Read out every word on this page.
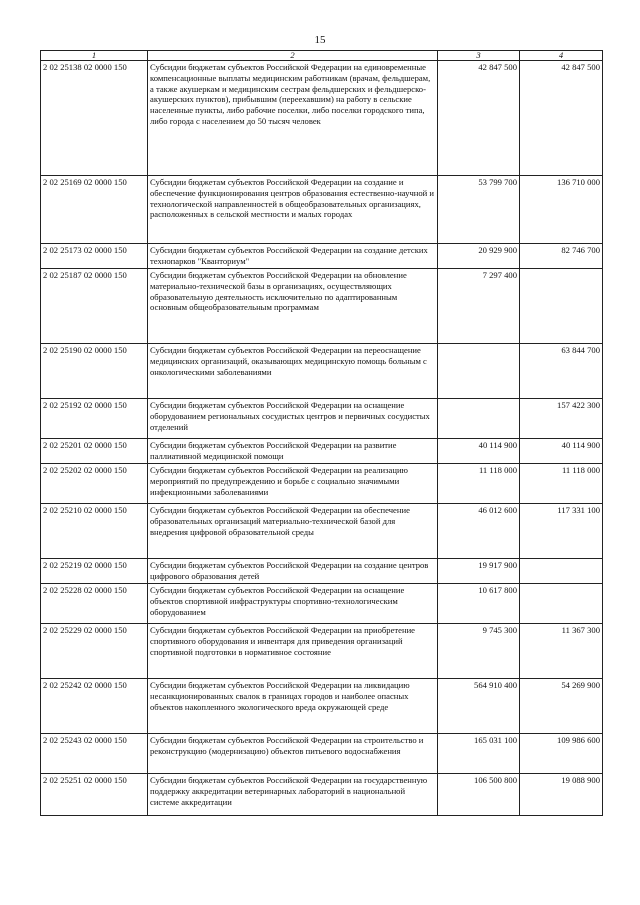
15
1	2	3	4
2 02 25138 02 0000 150	Субсидии бюджетам субъектов Российской Федерации на единовременные компенсационные выплаты медицинским работникам (врачам, фельдшерам, а также акушеркам и медицинским сестрам фельдшерских и фельдшерско-акушерских пунктов), прибывшим (переехавшим) на работу в сельские населенные пункты, либо рабочие поселки, либо поселки городского типа, либо города с населением до 50 тысяч человек	42 847 500	42 847 500
2 02 25169 02 0000 150	Субсидии бюджетам субъектов Российской Федерации на создание и обеспечение функционирования центров образования естественно-научной и технологической направленностей в общеобразовательных организациях, расположенных в сельской местности и малых городах	53 799 700	136 710 000
2 02 25173 02 0000 150	Субсидии бюджетам субъектов Российской Федерации на создание детских технопарков "Кванториум"	20 929 900	82 746 700
2 02 25187 02 0000 150	Субсидии бюджетам субъектов Российской Федерации на обновление материально-технической базы в организациях, осуществляющих образовательную деятельность исключительно по адаптированным основным общеобразовательным программам	7 297 400	
2 02 25190 02 0000 150	Субсидии бюджетам субъектов Российской Федерации на переоснащение медицинских организаций, оказывающих медицинскую помощь больным с онкологическими заболеваниями		63 844 700
2 02 25192 02 0000 150	Субсидии бюджетам субъектов Российской Федерации на оснащение оборудованием региональных сосудистых центров и первичных сосудистых отделений		157 422 300
2 02 25201 02 0000 150	Субсидии бюджетам субъектов Российской Федерации на развитие паллиативной медицинской помощи	40 114 900	40 114 900
2 02 25202 02 0000 150	Субсидии бюджетам субъектов Российской Федерации на реализацию мероприятий по предупреждению и борьбе с социально значимыми инфекционными заболеваниями	11 118 000	11 118 000
2 02 25210 02 0000 150	Субсидии бюджетам субъектов Российской Федерации на обеспечение образовательных организаций материально-технической базой для внедрения цифровой образовательной среды	46 012 600	117 331 100
2 02 25219 02 0000 150	Субсидии бюджетам субъектов Российской Федерации на создание центров цифрового образования детей	19 917 900	
2 02 25228 02 0000 150	Субсидии бюджетам субъектов Российской Федерации на оснащение объектов спортивной инфраструктуры спортивно-технологическим оборудованием	10 617 800	
2 02 25229 02 0000 150	Субсидии бюджетам субъектов Российской Федерации на приобретение спортивного оборудования и инвентаря для приведения организаций спортивной подготовки в нормативное состояние	9 745 300	11 367 300
2 02 25242 02 0000 150	Субсидии бюджетам субъектов Российской Федерации на ликвидацию несанкционированных свалок в границах городов и наиболее опасных объектов накопленного экологического вреда окружающей среде	564 910 400	54 269 900
2 02 25243 02 0000 150	Субсидии бюджетам субъектов Российской Федерации на строительство и реконструкцию (модернизацию) объектов питьевого водоснабжения	165 031 100	109 986 600
2 02 25251 02 0000 150	Субсидии бюджетам субъектов Российской Федерации на государственную поддержку аккредитации ветеринарных лабораторий в национальной системе аккредитации	106 500 800	19 088 900
